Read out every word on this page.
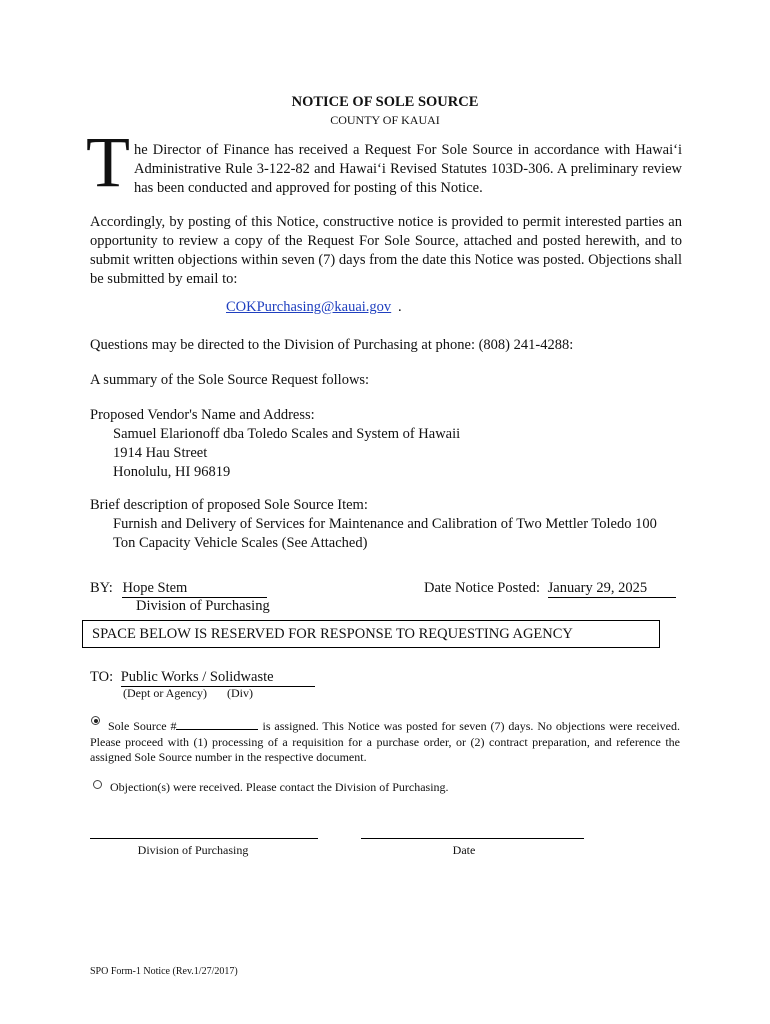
NOTICE OF SOLE SOURCE
COUNTY OF KAUAI
T he Director of Finance has received a Request For Sole Source in accordance with Hawai‘i Administrative Rule 3-122-82 and Hawai‘i Revised Statutes 103D-306. A preliminary review has been conducted and approved for posting of this Notice.
Accordingly, by posting of this Notice, constructive notice is provided to permit interested parties an opportunity to review a copy of the Request For Sole Source, attached and posted herewith, and to submit written objections within seven (7) days from the date this Notice was posted. Objections shall be submitted by email to:
COKPurchasing@kauai.gov .
Questions may be directed to the Division of Purchasing at phone: (808) 241-4288:
A summary of the Sole Source Request follows:
Proposed Vendor's Name and Address:
Samuel Elarionoff dba Toledo Scales and System of Hawaii
1914 Hau Street
Honolulu, HI 96819
Brief description of proposed Sole Source Item:
Furnish and Delivery of Services for Maintenance and Calibration of Two Mettler Toledo 100 Ton Capacity Vehicle Scales (See Attached)
BY: Hope Stem
Division of Purchasing
Date Notice Posted: January 29, 2025
SPACE BELOW IS RESERVED FOR RESPONSE TO REQUESTING AGENCY
TO: Public Works / Solidwaste
(Dept or Agency) (Div)
Sole Source #	is assigned. This Notice was posted for seven (7) days. No objections were received. Please proceed with (1) processing of a requisition for a purchase order, or (2) contract preparation, and reference the assigned Sole Source number in the respective document.
Objection(s) were received. Please contact the Division of Purchasing.
Division of Purchasing	Date
SPO Form-1 Notice (Rev.1/27/2017)
